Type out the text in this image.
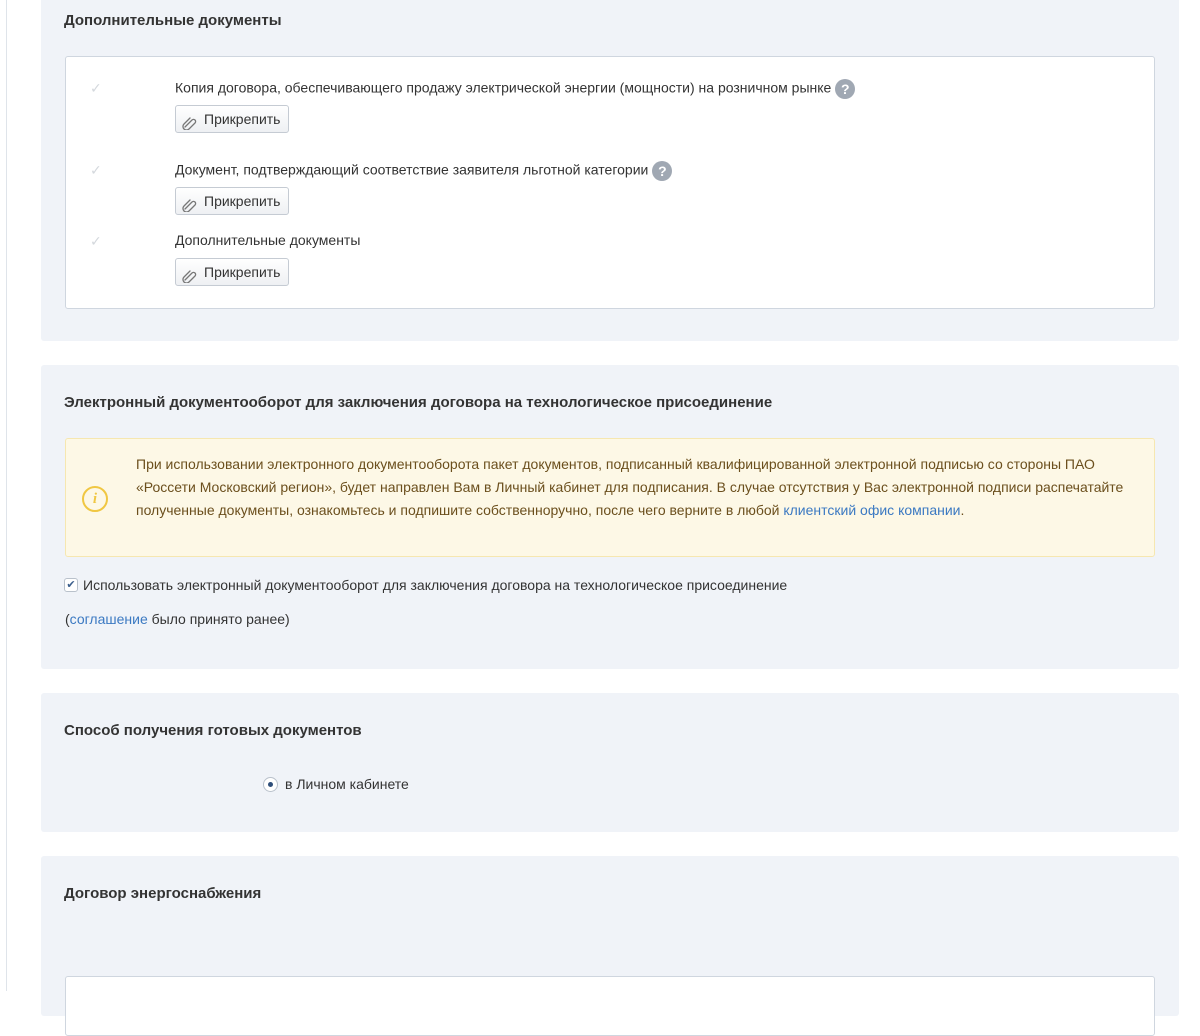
Дополнительные документы
✓	Копия договора, обеспечивающего продажу электрической энергии (мощности) на розничном рынке ?
Прикрепить
✓	Документ, подтверждающий соответствие заявителя льготной категории ?
Прикрепить
✓	Дополнительные документы
Прикрепить
Электронный документооборот для заключения договора на технологическое присоединение
i
При использовании электронного документооборота пакет документов, подписанный квалифицированной электронной подписью со стороны ПАО «Россети Московский регион», будет направлен Вам в Личный кабинет для подписания. В случае отсутствия у Вас электронной подписи распечатайте полученные документы, ознакомьтесь и подпишите собственноручно, после чего верните в любой клиентский офис компании.
✔ Использовать электронный документооборот для заключения договора на технологическое присоединение
(соглашение было принято ранее)
Способ получения готовых документов
в Личном кабинете
Договор энергоснабжения
